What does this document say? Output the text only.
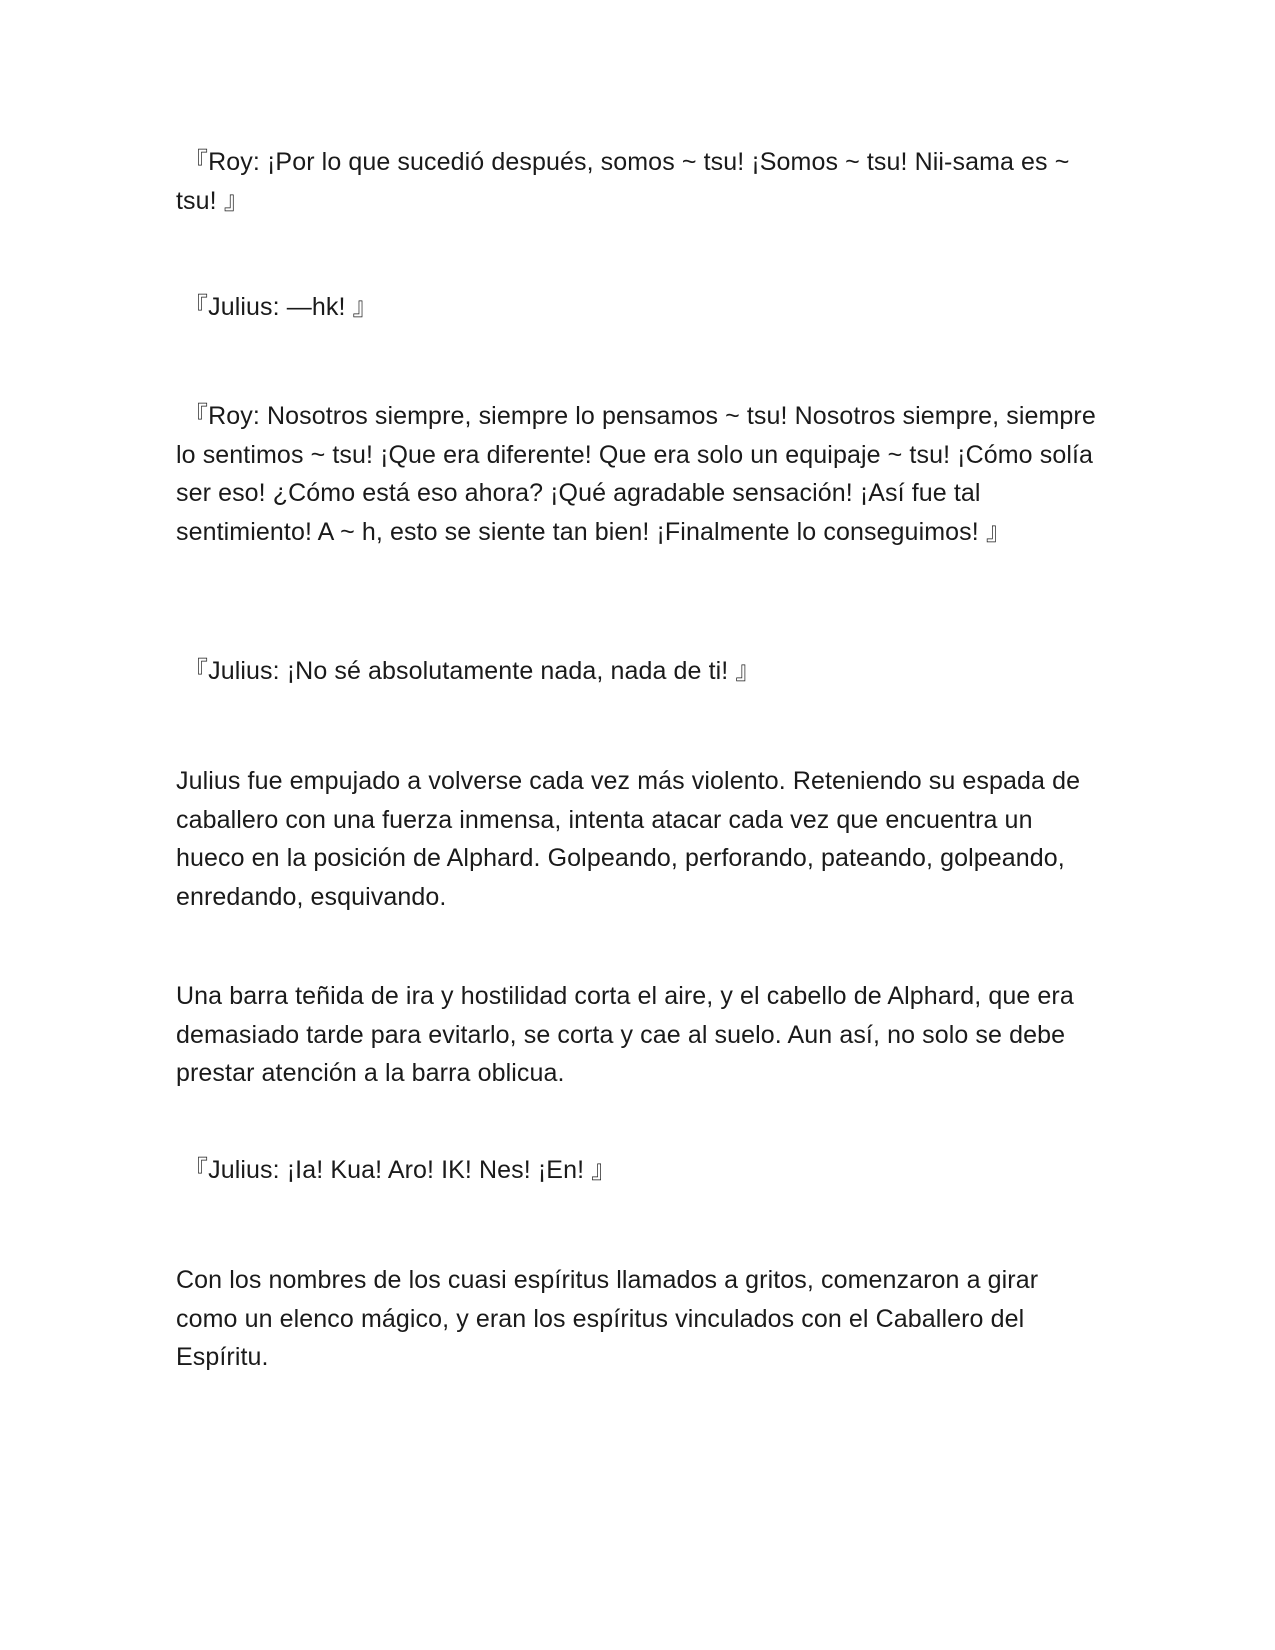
『Roy: ¡Por lo que sucedió después, somos ~ tsu! ¡Somos ~ tsu! Nii-sama es ~ tsu! 』

『Julius: —hk! 』

『Roy: Nosotros siempre, siempre lo pensamos ~ tsu! Nosotros siempre, siempre lo sentimos ~ tsu! ¡Que era diferente! Que era solo un equipaje ~ tsu! ¡Cómo solía ser eso! ¿Cómo está eso ahora? ¡Qué agradable sensación! ¡Así fue tal sentimiento! A ~ h, esto se siente tan bien! ¡Finalmente lo conseguimos! 』

『Julius: ¡No sé absolutamente nada, nada de ti! 』

Julius fue empujado a volverse cada vez más violento. Reteniendo su espada de caballero con una fuerza inmensa, intenta atacar cada vez que encuentra un hueco en la posición de Alphard. Golpeando, perforando, pateando, golpeando, enredando, esquivando.

Una barra teñida de ira y hostilidad corta el aire, y el cabello de Alphard, que era demasiado tarde para evitarlo, se corta y cae al suelo. Aun así, no solo se debe prestar atención a la barra oblicua.

『Julius: ¡Ia! Kua! Aro! IK! Nes! ¡En! 』

Con los nombres de los cuasi espíritus llamados a gritos, comenzaron a girar como un elenco mágico, y eran los espíritus vinculados con el Caballero del Espíritu.
